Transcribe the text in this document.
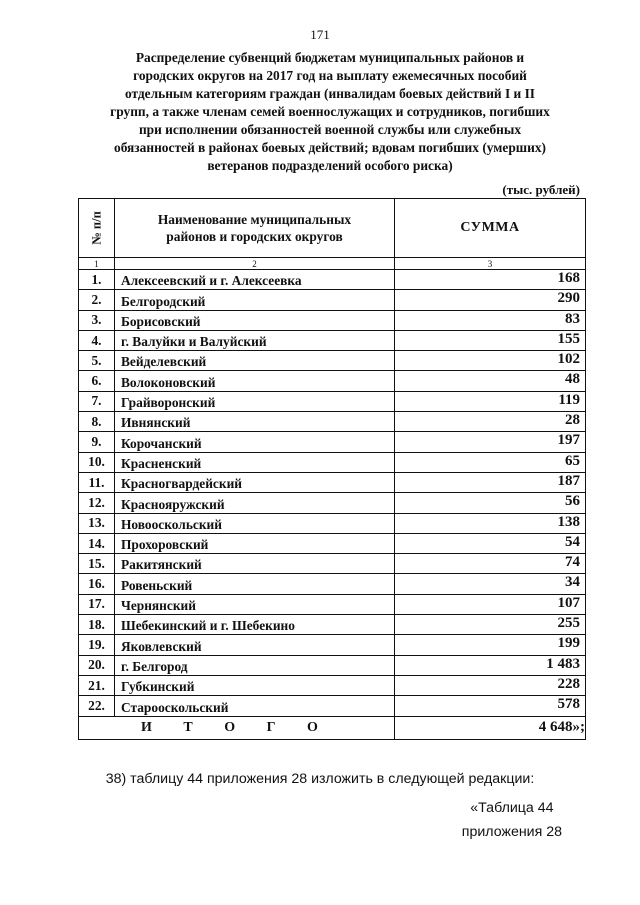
171
Распределение субвенций бюджетам муниципальных районов и
городских округов на 2017 год на выплату ежемесячных пособий
отдельным категориям граждан (инвалидам боевых действий I и II
групп, а также членам семей военнослужащих и сотрудников, погибших
при исполнении обязанностей военной службы или служебных
обязанностей в районах боевых действий; вдовам погибших (умерших)
ветеранов подразделений особого риска)
(тыс. рублей)
№ п/п	Наименование муниципальных
районов и городских округов	СУММА
1	2	3
1.	Алексеевский и г. Алексеевка	168
2.	Белгородский	290
3.	Борисовский	83
4.	г. Валуйки и Валуйский	155
5.	Вейделевский	102
6.	Волоконовский	48
7.	Грайворонский	119
8.	Ивнянский	28
9.	Корочанский	197
10.	Красненский	65
11.	Красногвардейский	187
12.	Краснояружский	56
13.	Новооскольский	138
14.	Прохоровский	54
15.	Ракитянский	74
16.	Ровеньский	34
17.	Чернянский	107
18.	Шебекинский и г. Шебекино	255
19.	Яковлевский	199
20.	г. Белгород	1 483
21.	Губкинский	228
22.	Старооскольский	578
И Т О Г О		4 648»;
38) таблицу 44 приложения 28 изложить в следующей редакции:
«Таблица 44
приложения 28
